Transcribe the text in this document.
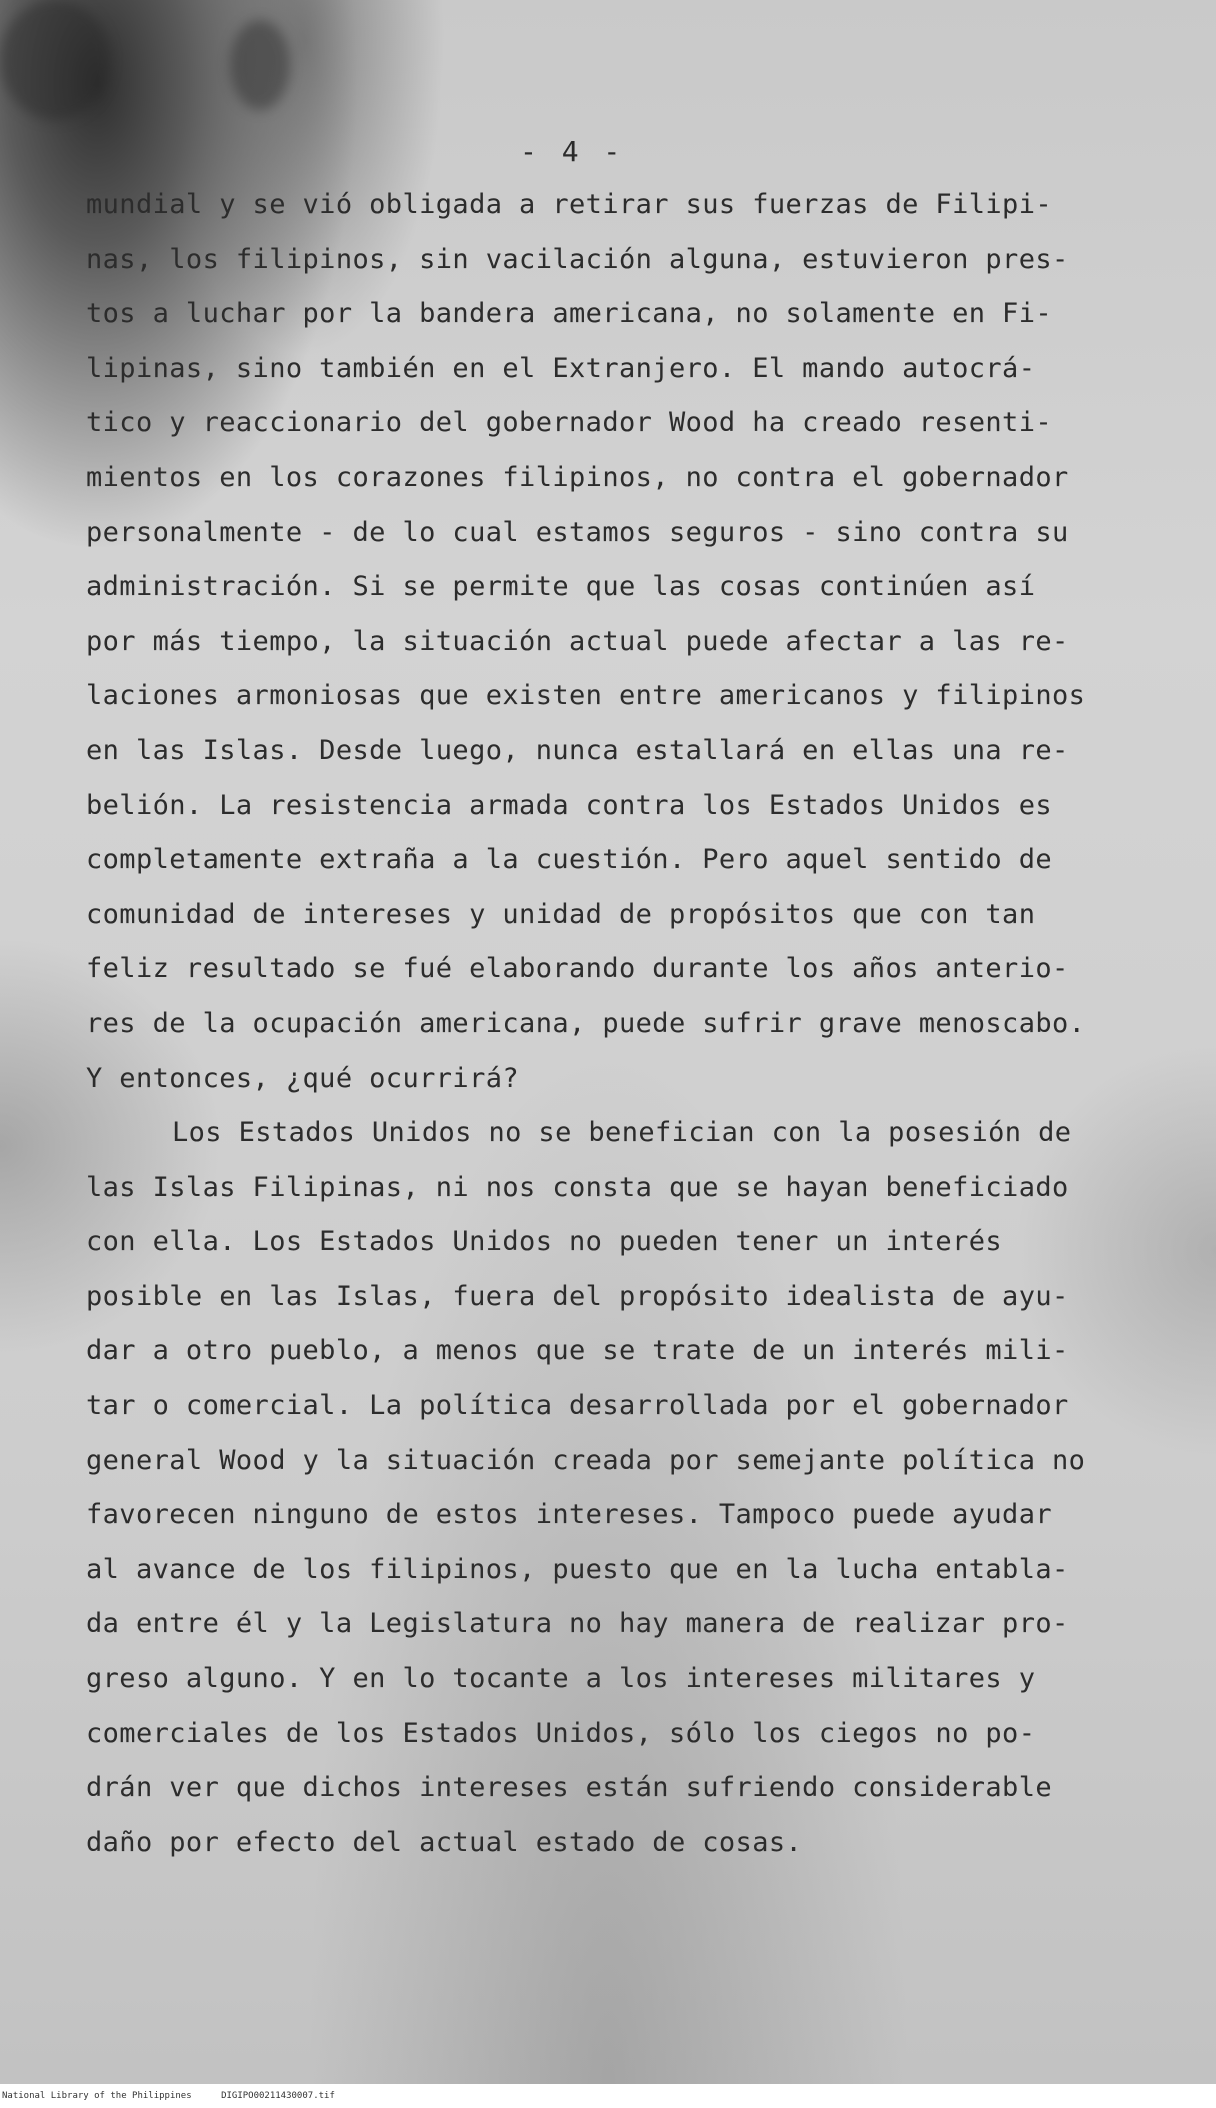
- 4 -
mundial y se vió obligada a retirar sus fuerzas de Filipi-
nas, los filipinos, sin vacilación alguna, estuvieron pres-
tos a luchar por la bandera americana, no solamente en Fi-
lipinas, sino también en el Extranjero. El mando autocrá-
tico y reaccionario del gobernador Wood ha creado resenti-
mientos en los corazones filipinos, no contra el gobernador
personalmente - de lo cual estamos seguros - sino contra su
administración. Si se permite que las cosas continúen así
por más tiempo, la situación actual puede afectar a las re-
laciones armoniosas que existen entre americanos y filipinos
en las Islas. Desde luego, nunca estallará en ellas una re-
belión. La resistencia armada contra los Estados Unidos es
completamente extraña a la cuestión. Pero aquel sentido de
comunidad de intereses y unidad de propósitos que con tan
feliz resultado se fué elaborando durante los años anterio-
res de la ocupación americana, puede sufrir grave menoscabo.
Y entonces, ¿qué ocurrirá?
Los Estados Unidos no se benefician con la posesión de
las Islas Filipinas, ni nos consta que se hayan beneficiado
con ella. Los Estados Unidos no pueden tener un interés
posible en las Islas, fuera del propósito idealista de ayu-
dar a otro pueblo, a menos que se trate de un interés mili-
tar o comercial. La política desarrollada por el gobernador
general Wood y la situación creada por semejante política no
favorecen ninguno de estos intereses. Tampoco puede ayudar
al avance de los filipinos, puesto que en la lucha entabla-
da entre él y la Legislatura no hay manera de realizar pro-
greso alguno. Y en lo tocante a los intereses militares y
comerciales de los Estados Unidos, sólo los ciegos no po-
drán ver que dichos intereses están sufriendo considerable
daño por efecto del actual estado de cosas.
National Library of the Philippines	DIGIPO00211430007.tif
